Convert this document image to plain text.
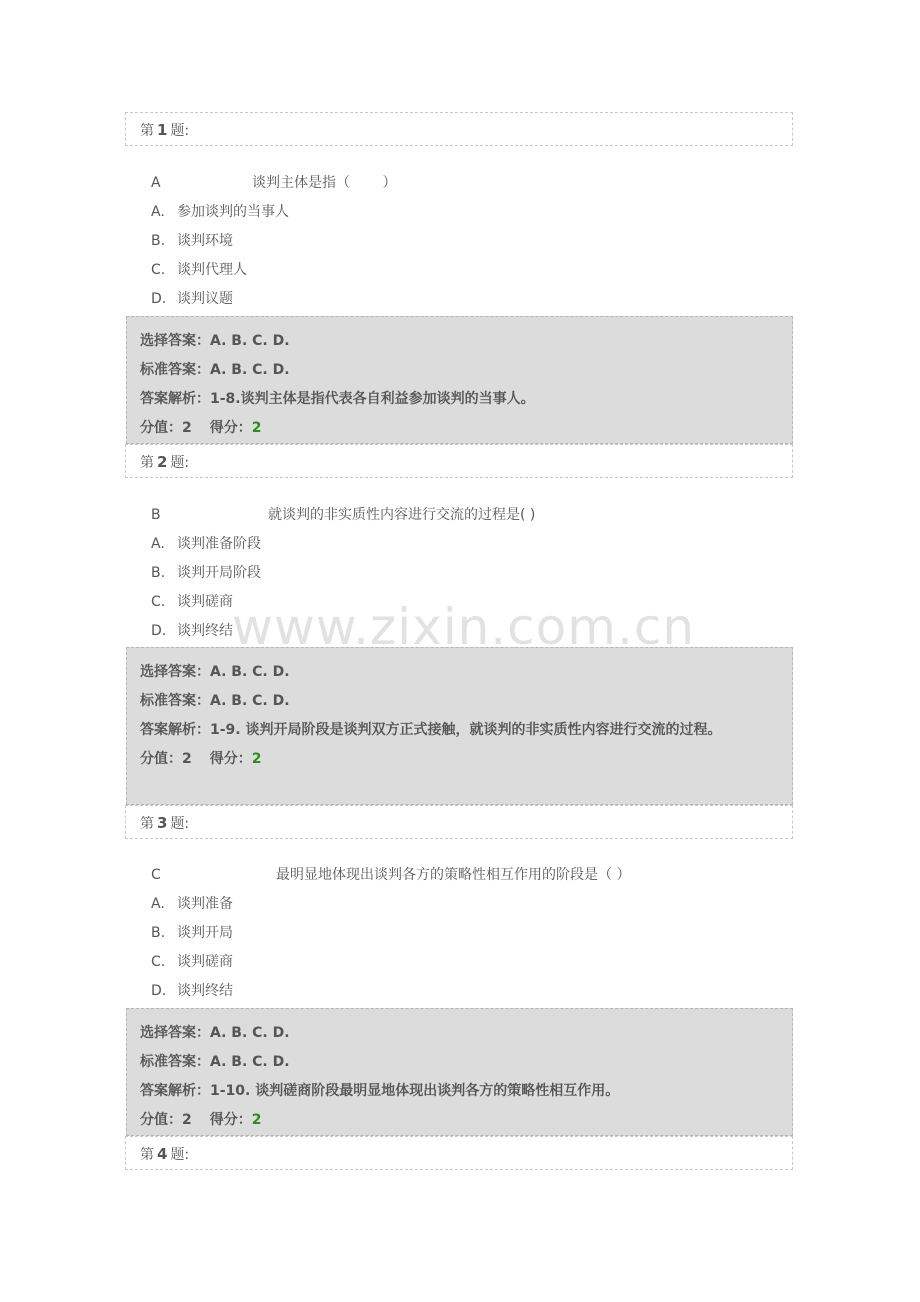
第 1 题:
A	谈判主体是指（　　 ）
A. 参加谈判的当事人
B. 谈判环境
C. 谈判代理人
D. 谈判议题
选择答案：A. B. C. D.
标准答案：A. B. C. D.
答案解析：1-8.谈判主体是指代表各自利益参加谈判的当事人。
分值：2 得分：2
第 2 题:
B	就谈判的非实质性内容进行交流的过程是( )
A. 谈判准备阶段
B. 谈判开局阶段
C. 谈判磋商
D. 谈判终结
选择答案：A. B. C. D.
标准答案：A. B. C. D.
答案解析：1-9. 谈判开局阶段是谈判双方正式接触，就谈判的非实质性内容进行交流的过程。
分值：2 得分：2
第 3 题:
C	最明显地体现出谈判各方的策略性相互作用的阶段是（ ）
A. 谈判准备
B. 谈判开局
C. 谈判磋商
D. 谈判终结
选择答案：A. B. C. D.
标准答案：A. B. C. D.
答案解析：1-10. 谈判磋商阶段最明显地体现出谈判各方的策略性相互作用。
分值：2 得分：2
第 4 题:
www.zixin.com.cn
